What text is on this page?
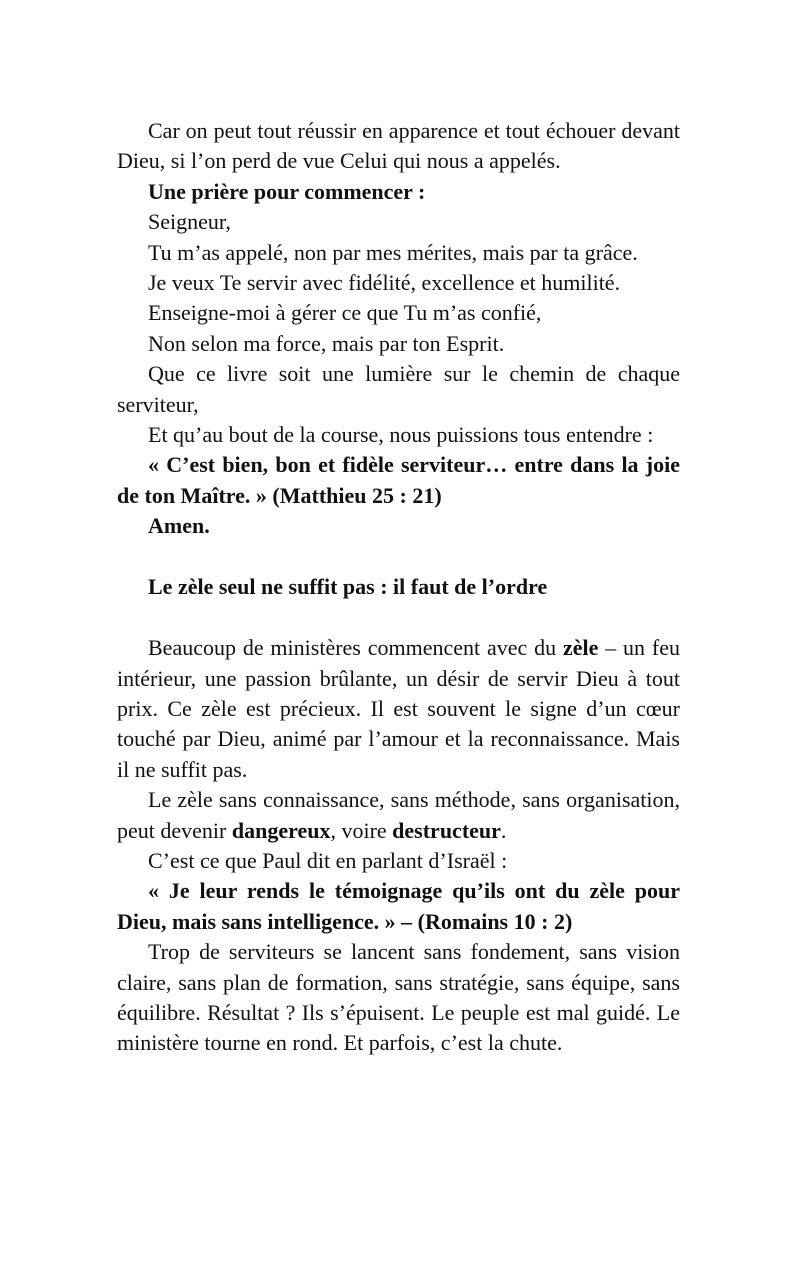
Car on peut tout réussir en apparence et tout échouer devant Dieu, si l’on perd de vue Celui qui nous a appelés.

Une prière pour commencer :

Seigneur,

Tu m’as appelé, non par mes mérites, mais par ta grâce.

Je veux Te servir avec fidélité, excellence et humilité.

Enseigne-moi à gérer ce que Tu m’as confié,

Non selon ma force, mais par ton Esprit.

Que ce livre soit une lumière sur le chemin de chaque serviteur,

Et qu’au bout de la course, nous puissions tous entendre :

« C’est bien, bon et fidèle serviteur… entre dans la joie de ton Maître. » (Matthieu 25 : 21)

Amen.

Le zèle seul ne suffit pas : il faut de l’ordre

Beaucoup de ministères commencent avec du zèle – un feu intérieur, une passion brûlante, un désir de servir Dieu à tout prix. Ce zèle est précieux. Il est souvent le signe d’un cœur touché par Dieu, animé par l’amour et la reconnaissance. Mais il ne suffit pas.

Le zèle sans connaissance, sans méthode, sans organisation, peut devenir dangereux, voire destructeur.

C’est ce que Paul dit en parlant d’Israël :

« Je leur rends le témoignage qu’ils ont du zèle pour Dieu, mais sans intelligence. » – (Romains 10 : 2)

Trop de serviteurs se lancent sans fondement, sans vision claire, sans plan de formation, sans stratégie, sans équipe, sans équilibre. Résultat ? Ils s’épuisent. Le peuple est mal guidé. Le ministère tourne en rond. Et parfois, c’est la chute.
